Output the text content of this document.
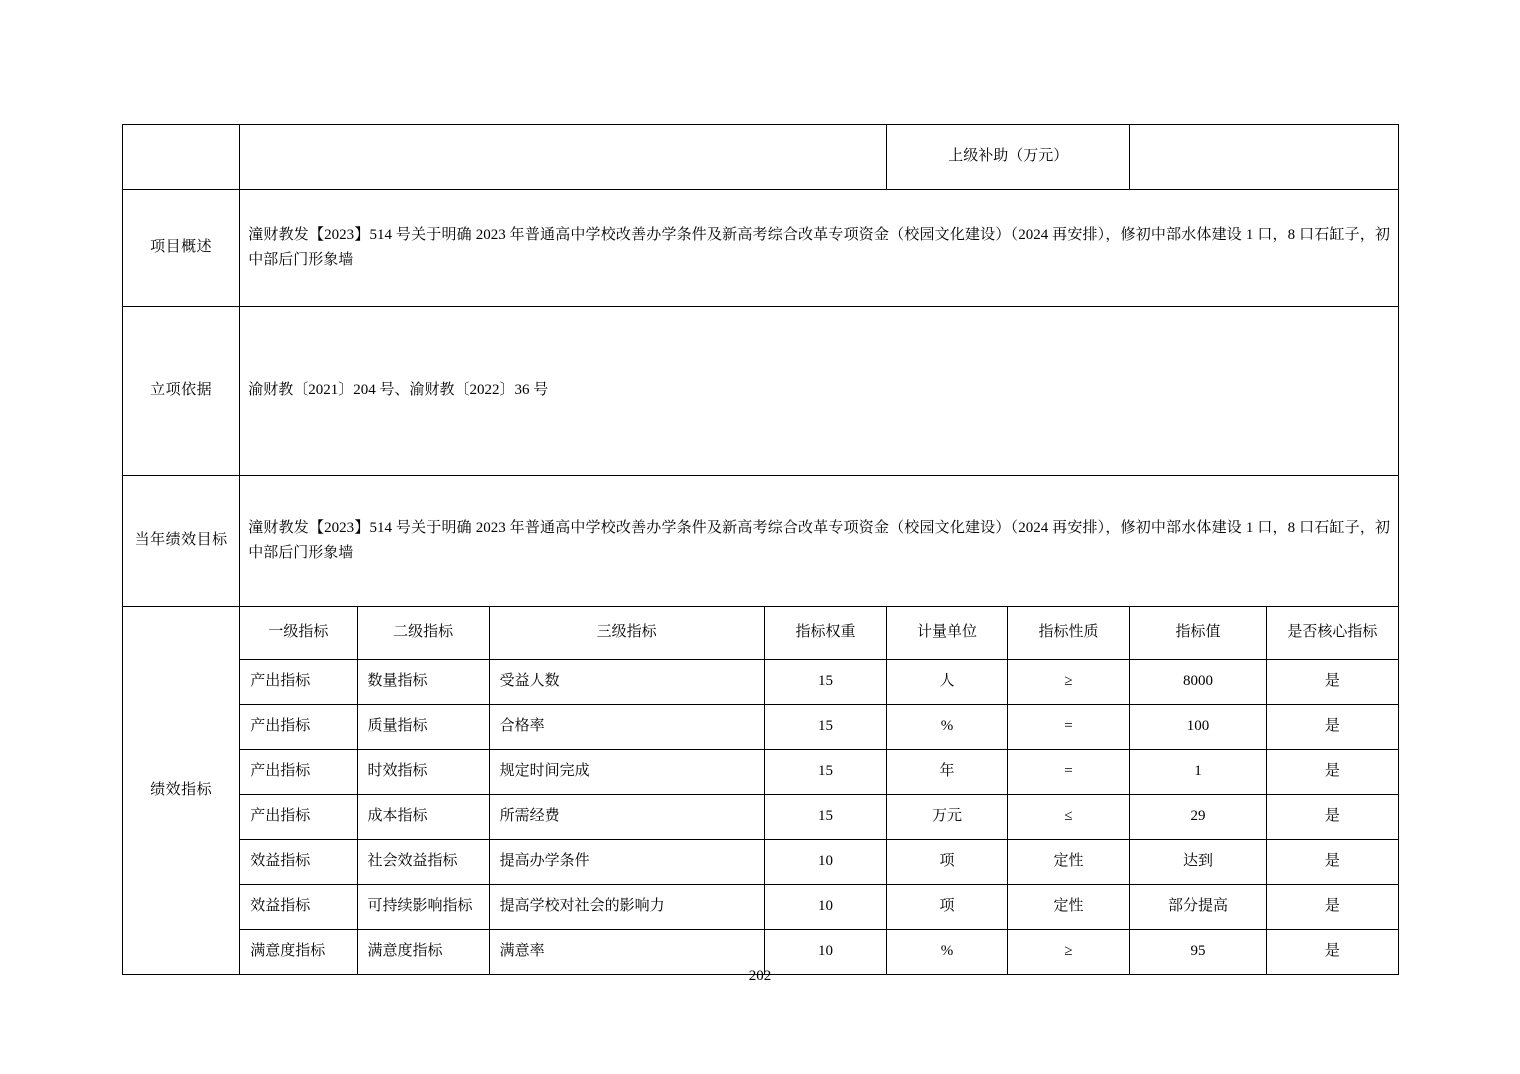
					上级补助（万元）			
项目概述	潼财教发【2023】514 号关于明确 2023 年普通高中学校改善办学条件及新高考综合改革专项资金（校园文化建设）（2024 再安排），修初中部水体建设 1 口，8 口石缸子，初中部后门形象墙							
立项依据	渝财教〔2021〕204 号、渝财教〔2022〕36 号							
当年绩效目标	潼财教发【2023】514 号关于明确 2023 年普通高中学校改善办学条件及新高考综合改革专项资金（校园文化建设）（2024 再安排），修初中部水体建设 1 口，8 口石缸子，初中部后门形象墙							
绩效指标	一级指标	二级指标	三级指标	指标权重	计量单位	指标性质	指标值	是否核心指标
	产出指标	数量指标	受益人数	15	人	≥	8000	是
	产出指标	质量指标	合格率	15	%	=	100	是
	产出指标	时效指标	规定时间完成	15	年	=	1	是
	产出指标	成本指标	所需经费	15	万元	≤	29	是
	效益指标	社会效益指标	提高办学条件	10	项	定性	达到	是
	效益指标	可持续影响指标	提高学校对社会的影响力	10	项	定性	部分提高	是
	满意度指标	满意度指标	满意率	10	%	≥	95	是
202
